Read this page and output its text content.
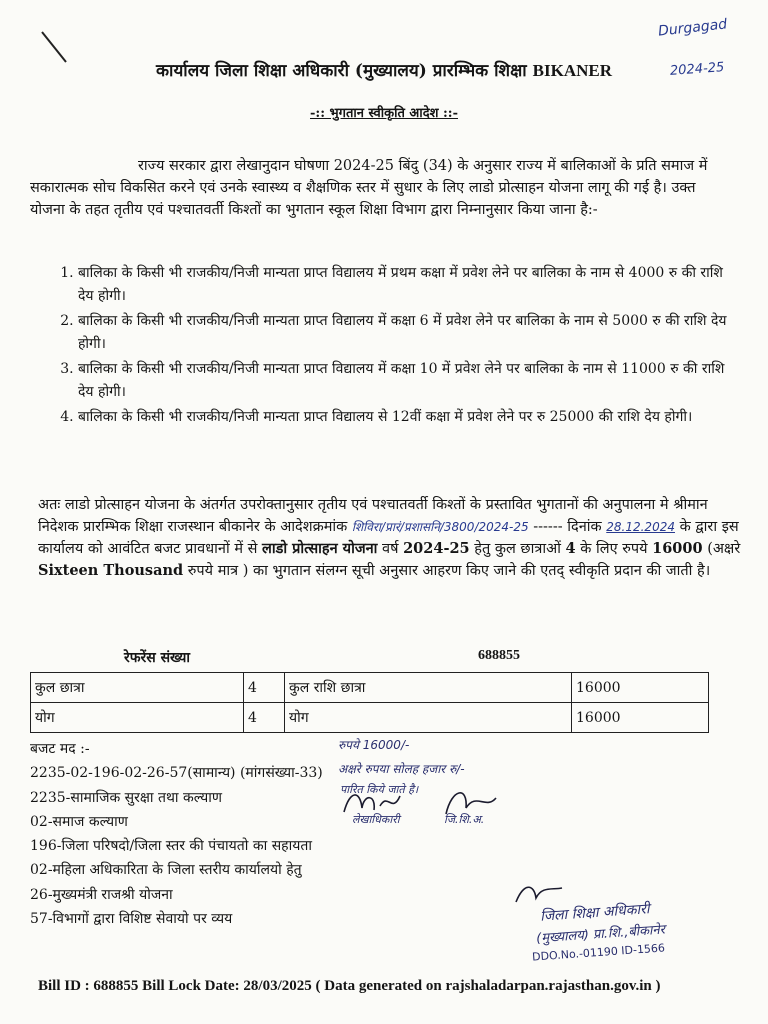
Durgagad
2024-25
कार्यालय जिला शिक्षा अधिकारी (मुख्यालय) प्रारम्भिक शिक्षा BIKANER
-:: भुगतान स्वीकृति आदेश ::-
राज्य सरकार द्वारा लेखानुदान घोषणा 2024-25 बिंदु (34) के अनुसार राज्य में बालिकाओं के प्रति समाज में सकारात्मक सोच विकसित करने एवं उनके स्वास्थ्य व शैक्षणिक स्तर में सुधार के लिए लाडो प्रोत्साहन योजना लागू की गई है। उक्त योजना के तहत तृतीय एवं पश्चातवर्ती किश्तों का भुगतान स्कूल शिक्षा विभाग द्वारा निम्नानुसार किया जाना है:-
1. बालिका के किसी भी राजकीय/निजी मान्यता प्राप्त विद्यालय में प्रथम कक्षा में प्रवेश लेने पर बालिका के नाम से 4000 रु की राशि देय होगी।
2. बालिका के किसी भी राजकीय/निजी मान्यता प्राप्त विद्यालय में कक्षा 6 में प्रवेश लेने पर बालिका के नाम से 5000 रु की राशि देय होगी।
3. बालिका के किसी भी राजकीय/निजी मान्यता प्राप्त विद्यालय में कक्षा 10 में प्रवेश लेने पर बालिका के नाम से 11000 रु की राशि देय होगी।
4. बालिका के किसी भी राजकीय/निजी मान्यता प्राप्त विद्यालय से 12वीं कक्षा में प्रवेश लेने पर रु 25000 की राशि देय होगी।
अतः लाडो प्रोत्साहन योजना के अंतर्गत उपरोक्तानुसार तृतीय एवं पश्चातवर्ती किश्तों के प्रस्तावित भुगतानों की अनुपालना मे श्रीमान निदेशक प्रारम्भिक शिक्षा राजस्थान बीकानेर के आदेशक्रमांक शिविरा/प्रारं/प्रशासनि/3800/2024-25 ------ दिनांक 28.12.2024 के द्वारा इस कार्यालय को आवंटित बजट प्रावधानों में से लाडो प्रोत्साहन योजना वर्ष 2024-25 हेतु कुल छात्राओं 4 के लिए रुपये 16000 (अक्षरे Sixteen Thousand रुपये मात्र ) का भुगतान संलग्न सूची अनुसार आहरण किए जाने की एतद् स्वीकृति प्रदान की जाती है।
रेफरेंस संख्या	688855
कुल छात्रा	4	कुल राशि छात्रा	16000
योग	4	योग	16000
बजट मद :-
2235-02-196-02-26-57(सामान्य) (मांगसंख्या-33)
2235-सामाजिक सुरक्षा तथा कल्याण
02-समाज कल्याण
196-जिला परिषदो/जिला स्तर की पंचायतो का सहायता
02-महिला अधिकारिता के जिला स्तरीय कार्यालयो हेतु
26-मुख्यमंत्री राजश्री योजना
57-विभागों द्वारा विशिष्ट सेवायो पर व्यय
रुपये 16000/-
अक्षरे रुपया सोलह हजार रु/-
पारित किये जाते है।
लेखाधिकारी	जि.शि.अ.
जिला शिक्षा अधिकारी
(मुख्यालय) प्रा.शि.,बीकानेर
DDO.No.-01190 ID-1566
Bill ID : 688855 Bill Lock Date: 28/03/2025 ( Data generated on rajshaladarpan.rajasthan.gov.in )
